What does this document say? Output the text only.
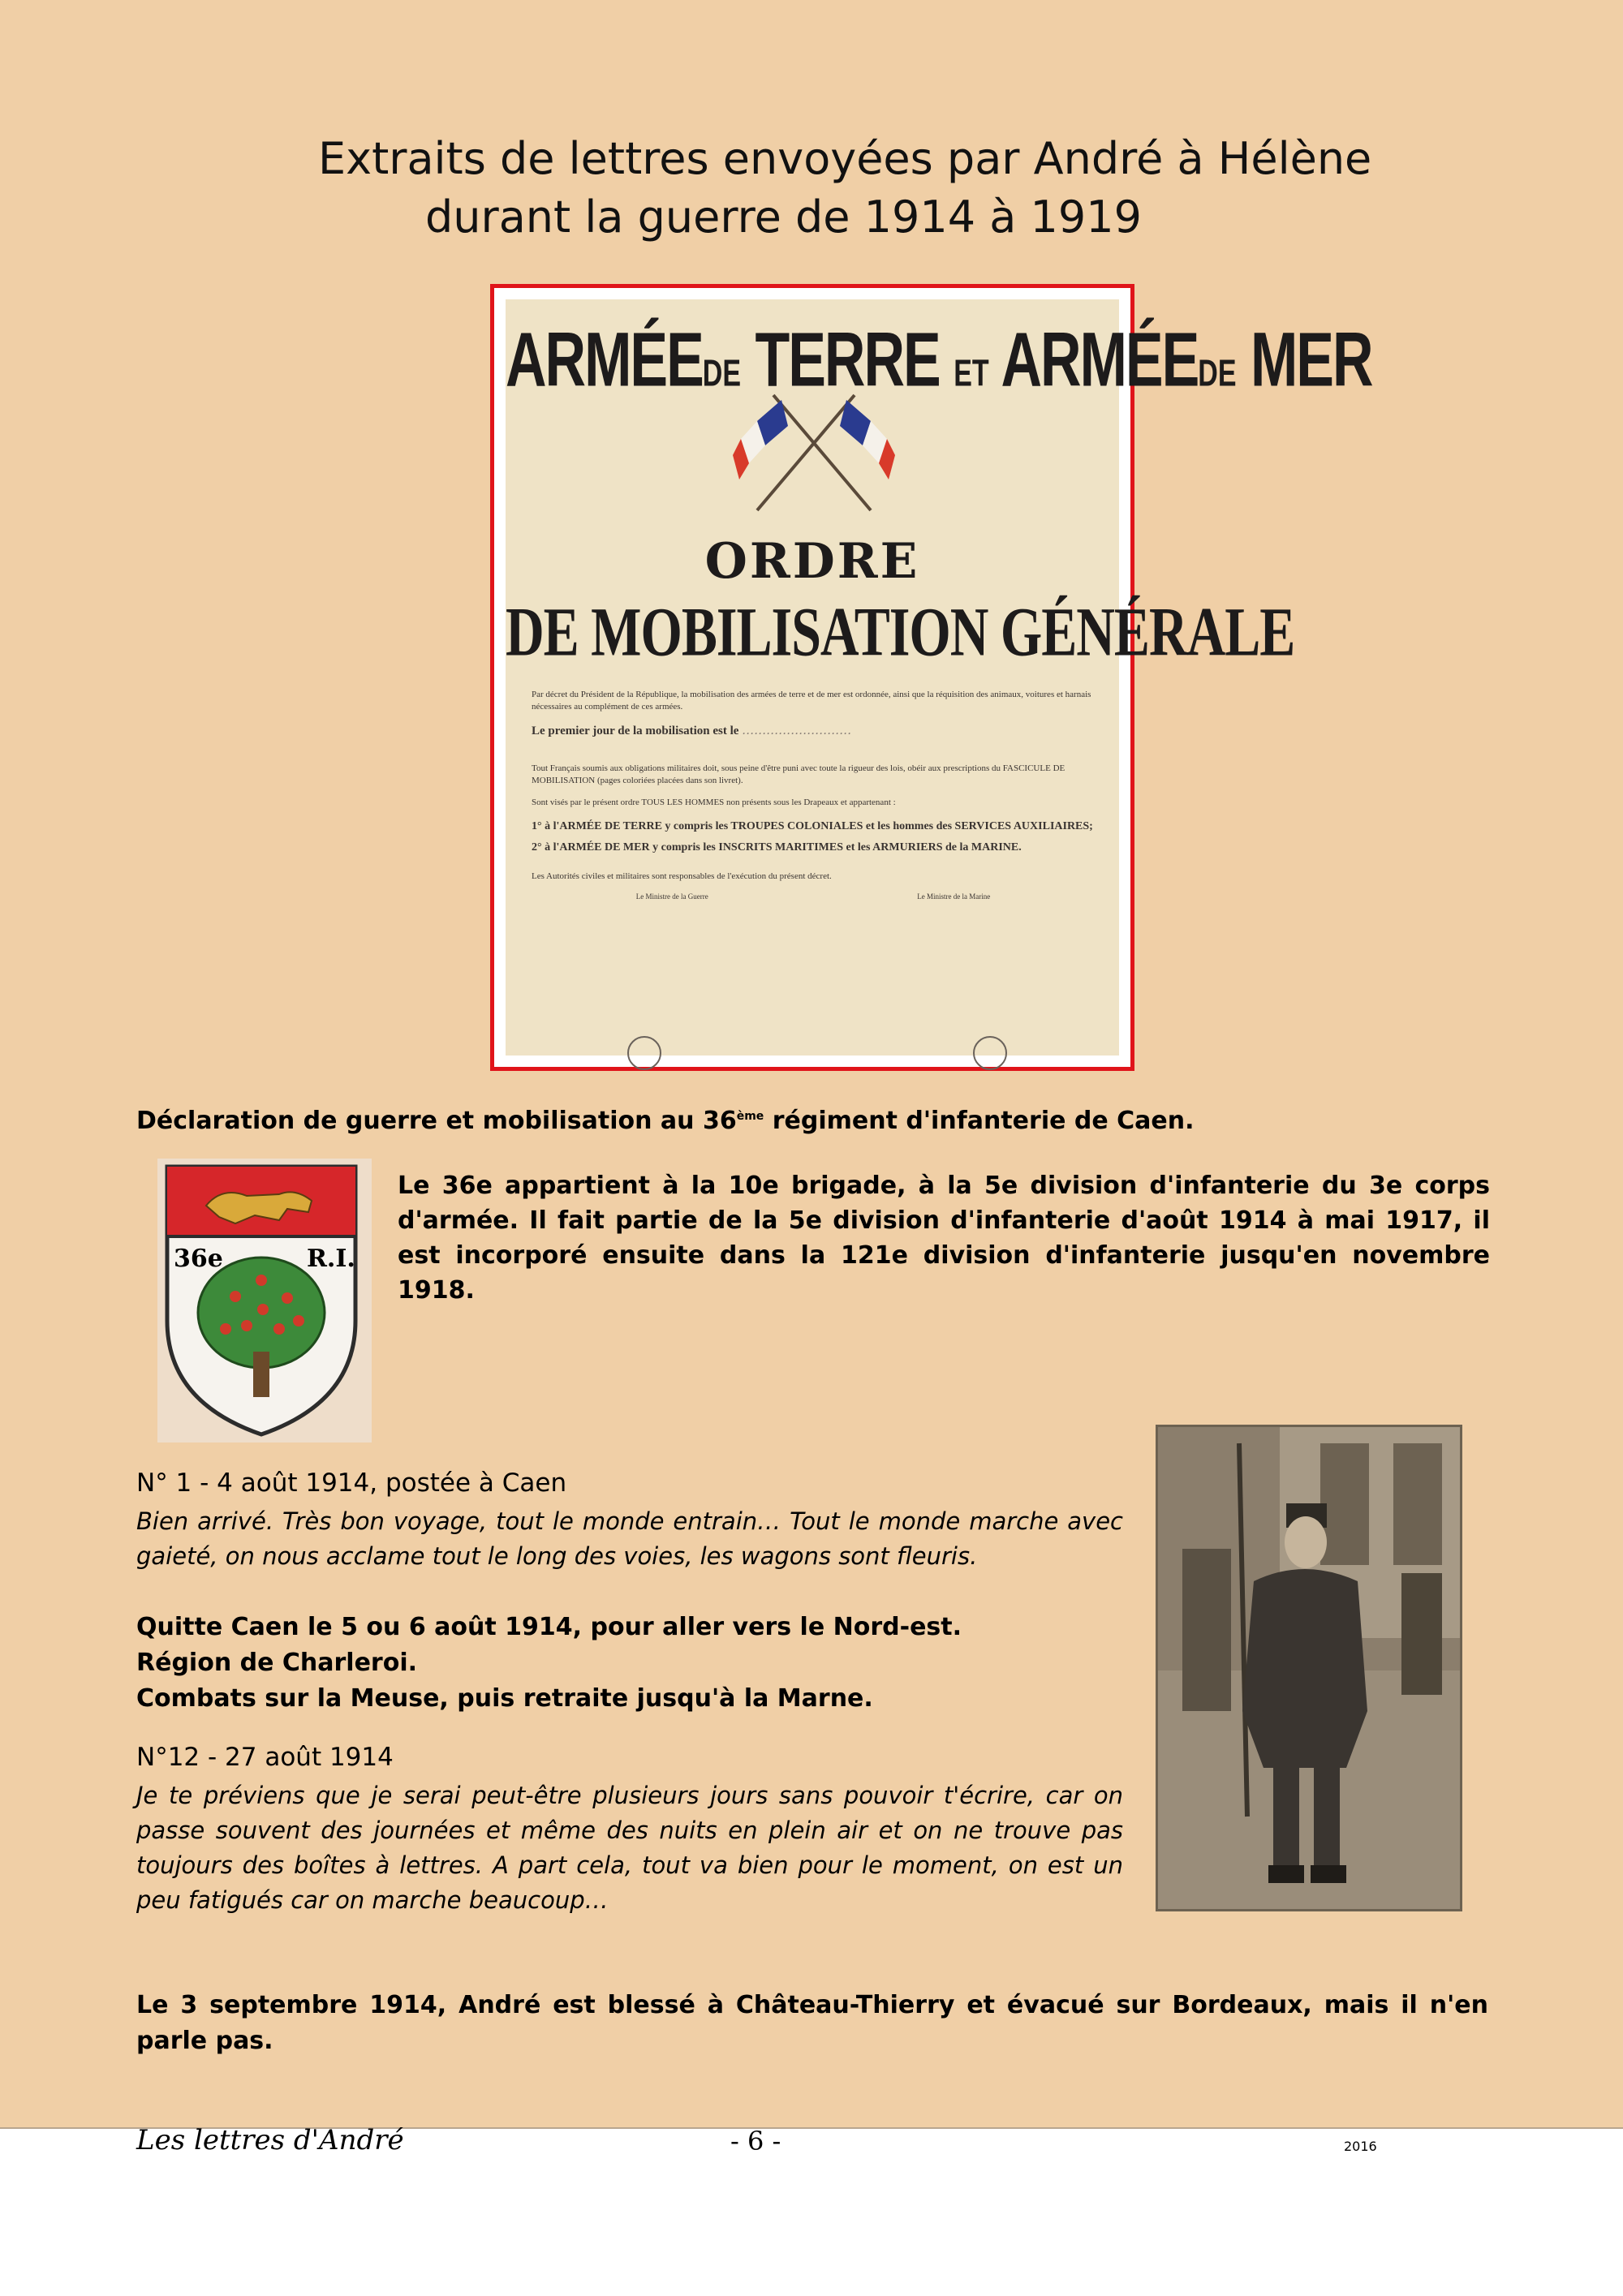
Extraits de lettres envoyées par André à Hélène
durant la guerre de 1914 à 1919
ARMÉEDE TERRE ET ARMÉEDE MER
ORDRE
DE MOBILISATION GÉNÉRALE

Par décret du Président de la République, la mobilisation des armées de terre et de mer est ordonnée, ainsi que la réquisition des animaux, voitures et harnais nécessaires au complément de ces armées.

Le premier jour de la mobilisation est le ………………………

Tout Français soumis aux obligations militaires doit, sous peine d'être puni avec toute la rigueur des lois, obéir aux prescriptions du FASCICULE DE MOBILISATION (pages coloriées placées dans son livret).

Sont visés par le présent ordre TOUS LES HOMMES non présents sous les Drapeaux et appartenant :

1° à l'ARMÉE DE TERRE y compris les TROUPES COLONIALES et les hommes des SERVICES AUXILIAIRES;

2° à l'ARMÉE DE MER y compris les INSCRITS MARITIMES et les ARMURIERS de la MARINE.

Les Autorités civiles et militaires sont responsables de l'exécution du présent décret.

Le Ministre de la Guerre	Le Ministre de la Marine
Déclaration de guerre et mobilisation au 36ème régiment d'infanterie de Caen.
36e	R.I.

Le 36e appartient à la 10e brigade, à la 5e division d'infanterie du 3e corps d'armée. Il fait partie de la 5e division d'infanterie d'août 1914 à mai 1917, il est incorporé ensuite dans la 121e division d'infanterie jusqu'en novembre 1918.

N° 1 - 4 août 1914, postée à Caen

Bien arrivé. Très bon voyage, tout le monde entrain… Tout le monde marche avec gaieté, on nous acclame tout le long des voies, les wagons sont fleuris.

Quitte Caen le 5 ou 6 août 1914, pour aller vers le Nord-est.

Région de Charleroi.

Combats sur la Meuse, puis retraite jusqu'à la Marne.

N°12 - 27 août 1914

Je te préviens que je serai peut-être plusieurs jours sans pouvoir t'écrire, car on passe souvent des journées et même des nuits en plein air et on ne trouve pas toujours des boîtes à lettres. A part cela, tout va bien pour le moment, on est un peu fatigués car on marche beaucoup…

Le 3 septembre 1914, André est blessé à Château-Thierry et évacué sur Bordeaux, mais il n'en parle pas.

Les lettres d'André	- 6 -	2016
